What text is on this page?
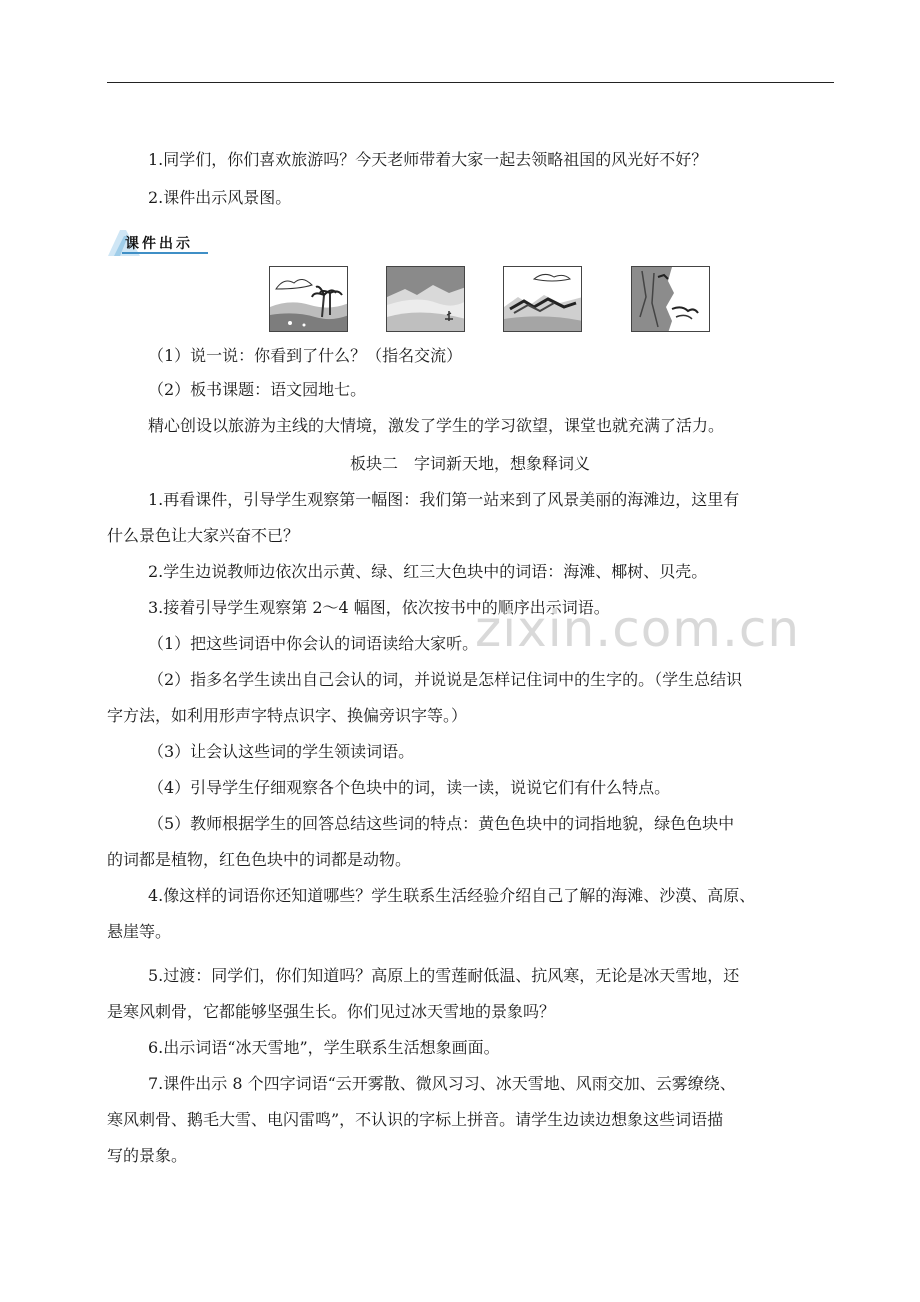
1.同学们，你们喜欢旅游吗？今天老师带着大家一起去领略祖国的风光好不好？
2.课件出示风景图。
课件出示
（1）说一说：你看到了什么？（指名交流）
（2）板书课题：语文园地七。
精心创设以旅游为主线的大情境，激发了学生的学习欲望，课堂也就充满了活力。
板块二　字词新天地，想象释词义
1.再看课件，引导学生观察第一幅图：我们第一站来到了风景美丽的海滩边，这里有
什么景色让大家兴奋不已？
2.学生边说教师边依次出示黄、绿、红三大色块中的词语：海滩、椰树、贝壳。
3.接着引导学生观察第 2～4 幅图，依次按书中的顺序出示词语。
（1）把这些词语中你会认的词语读给大家听。
（2）指多名学生读出自己会认的词，并说说是怎样记住词中的生字的。（学生总结识
字方法，如利用形声字特点识字、换偏旁识字等。）
（3）让会认这些词的学生领读词语。
（4）引导学生仔细观察各个色块中的词，读一读，说说它们有什么特点。
（5）教师根据学生的回答总结这些词的特点：黄色色块中的词指地貌，绿色色块中
的词都是植物，红色色块中的词都是动物。
4.像这样的词语你还知道哪些？学生联系生活经验介绍自己了解的海滩、沙漠、高原、
悬崖等。
5.过渡：同学们，你们知道吗？高原上的雪莲耐低温、抗风寒，无论是冰天雪地，还
是寒风刺骨，它都能够坚强生长。你们见过冰天雪地的景象吗？
6.出示词语“冰天雪地”，学生联系生活想象画面。
7.课件出示 8 个四字词语“云开雾散、微风习习、冰天雪地、风雨交加、云雾缭绕、
寒风刺骨、鹅毛大雪、电闪雷鸣”，不认识的字标上拼音。请学生边读边想象这些词语描
写的景象。
zixin.com.cn
